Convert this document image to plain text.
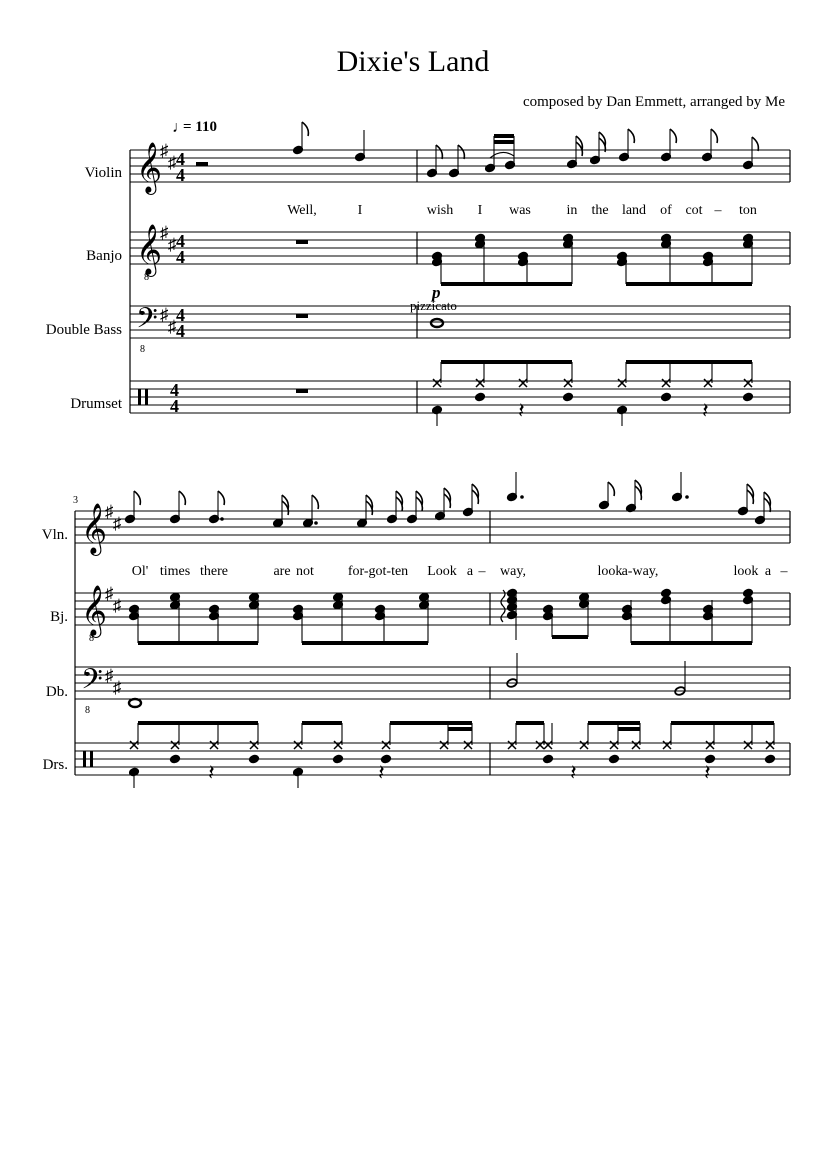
Dixie's Land
composed by Dan Emmett, arranged by Me
♩
= 110
Violin
Banjo
Double Bass
Drumset
3
Vln.
Bj.
Db.
Drs.
p
pizzicato
𝄞
♯
♯ 4
4
𝄞
8
♯
♯ 4
4
𝄢
8
♯
♯
4
4
4
4
𝄞
♯
♯
𝄞
8
♯
♯
𝄢
8
♯
♯
𝄽	𝄽
𝄽	𝄽	𝄽	𝄽
Well,	I	wish I was	in the land of cot – ton
Ol' times there	are not for-got-ten Look a – way,	look a-way,	look a –
